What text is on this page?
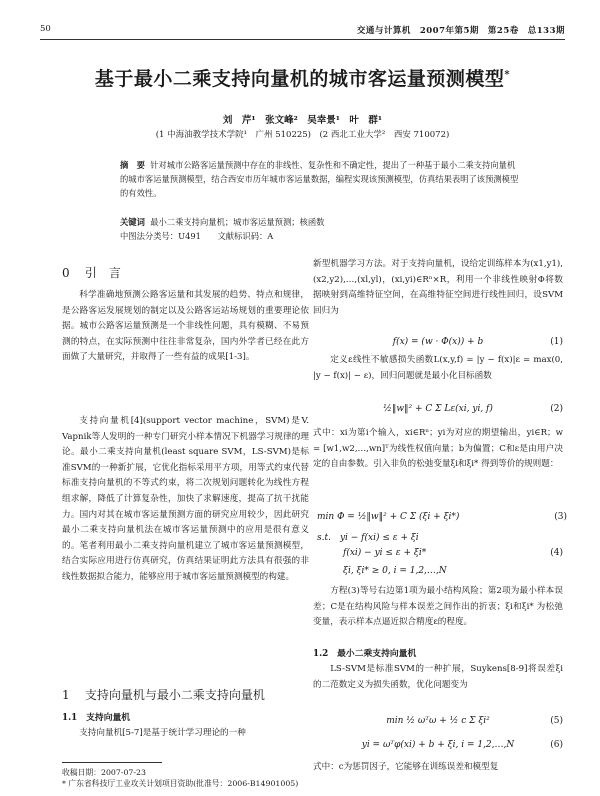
50	交通与计算机　2007年第5期　第25卷　总133期
基于最小二乘支持向量机的城市客运量预测模型*
刘　芹¹　张文峰²　吴幸景¹　叶　群¹
(1 中海油教学技术学院¹　广州 510225)　(2 西北工业大学²　西安 710072)
摘　要 针对城市公路客运量预测中存在的非线性、复杂性和不确定性，提出了一种基于最小二乘支持向量机的城市客运量预测模型，结合西安市历年城市客运量数据，编程实现该预测模型，仿真结果表明了该预测模型的有效性。
关键词 最小二乘支持向量机；城市客运量预测；核函数
中图法分类号：U491　　文献标识码：A
0 引　言

科学准确地预测公路客运量和其发展的趋势、特点和规律，是公路客运发展规划的制定以及公路客运站场规划的重要理论依据。城市公路客运量预测是一个非线性问题，具有模糊、不易预测的特点，在实际预测中往往非常复杂，国内外学者已经在此方面做了大量研究，并取得了一些有益的成果[1-3]。

支持向量机[4](support vector machine，SVM)是V. Vapnik等人发明的一种专门研究小样本情况下机器学习规律的理论。最小二乘支持向量机(least square SVM，LS-SVM)是标准SVM的一种新扩展，它优化指标采用平方项，用等式约束代替标准支持向量机的不等式约束，将二次规划问题转化为线性方程组求解，降低了计算复杂性，加快了求解速度，提高了抗干扰能力。国内对其在城市客运量预测方面的研究应用较少，因此研究最小二乘支持向量机法在城市客运量预测中的应用是很有意义的。笔者利用最小二乘支持向量机建立了城市客运量预测模型，结合实际应用进行仿真研究，仿真结果证明此方法具有很强的非线性数据拟合能力，能够应用于城市客运量预测模型的构建。

1 支持向量机与最小二乘支持向量机
1.1　支持向量机

支持向量机[5-7]是基于统计学习理论的一种

收稿日期：2007-07-23
* 广东省科技厅工业攻关计划项目资助(批准号：2006-B14901005)

新型机器学习方法。对于支持向量机，设给定训练样本为(x1,y1),(x2,y2),…,(xl,yl)，(xi,yi)∈Rⁿ×R，利用一个非线性映射Φ将数据映射到高维特征空间，在高维特征空间进行线性回归，设SVM回归为

f(x) = (w · Φ(x)) + b	(1)

定义ε线性不敏感损失函数L(x,y,f) = |y − f(x)|ε = max(0, |y − f(x)| − ε)，回归问题就是最小化目标函数

½‖w‖² + C Σ Lε(xi, yi, f)	(2)

式中：xi为第i个输入，xi∈Rⁿ；yi为对应的期望输出，yi∈R；w = [w1,w2,…,wn]ᵀ为线性权值向量；b为偏置；C和ε是由用户决定的自由参数。引入非负的松弛变量ξi和ξi* 得到等价的规则题：

min Φ = ½‖w‖² + C Σ (ξi + ξi*)	(3)
s.t.　yi − f(xi) ≤ ε + ξi
f(xi) − yi ≤ ε + ξi*	(4)
ξi, ξi* ≥ 0, i = 1,2,…,N

方程(3)等号右边第1项为最小结构风险；第2项为最小样本误差；C是在结构风险与样本误差之间作出的折衷；ξi和ξi* 为松弛变量，表示样本点逼近拟合精度ε的程度。

1.2　最小二乘支持向量机

LS-SVM是标准SVM的一种扩展，Suykens[8-9]将误差ξi的二范数定义为损失函数，优化问题变为

min ½ ωᵀω + ½ c Σ ξi²	(5)
yi = ωᵀφ(xi) + b + ξi, i = 1,2,…,N	(6)

式中：c为惩罚因子，它能够在训练误差和模型复
